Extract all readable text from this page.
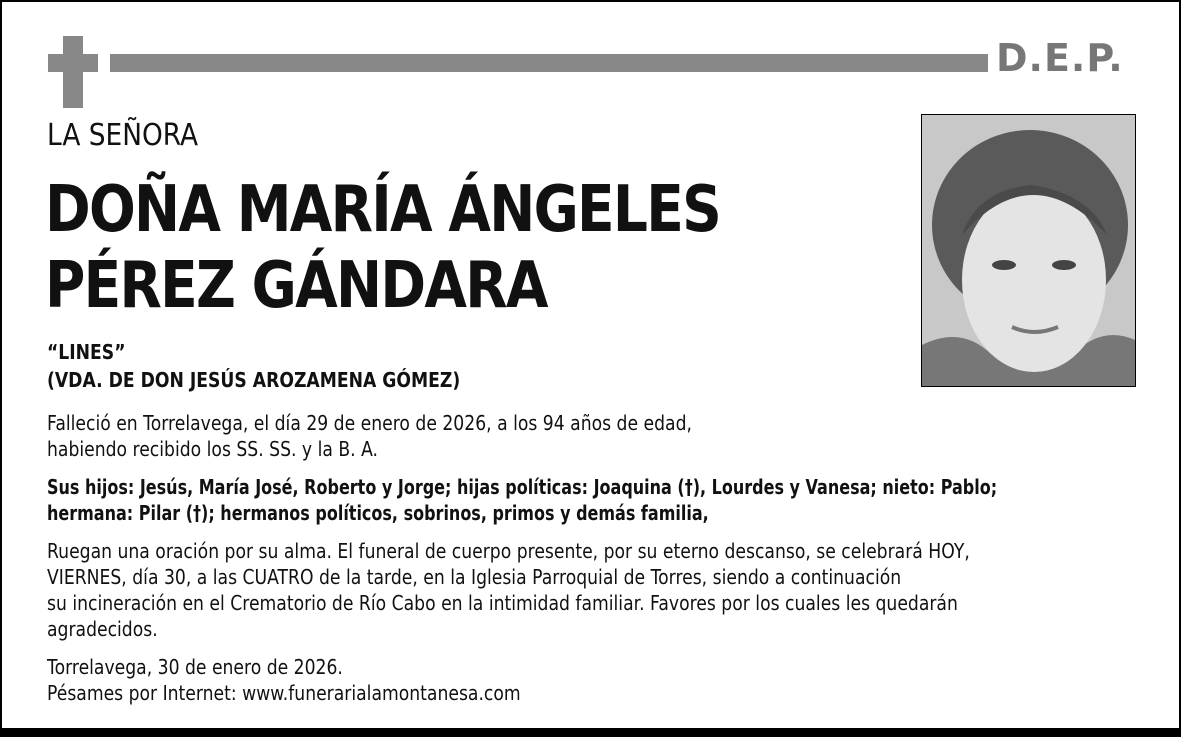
D.E.P.
LA SEÑORA
DOÑA MARÍA ÁNGELES
PÉREZ GÁNDARA
“LINES”
(VDA. DE DON JESÚS AROZAMENA GÓMEZ)
Falleció en Torrelavega, el día 29 de enero de 2026, a los 94 años de edad,
habiendo recibido los SS. SS. y la B. A.
Sus hijos: Jesús, María José, Roberto y Jorge; hijas políticas: Joaquina (†), Lourdes y Vanesa; nieto: Pablo;
hermana: Pilar (†); hermanos políticos, sobrinos, primos y demás familia,
Ruegan una oración por su alma. El funeral de cuerpo presente, por su eterno descanso, se celebrará HOY,
VIERNES, día 30, a las CUATRO de la tarde, en la Iglesia Parroquial de Torres, siendo a continuación
su incineración en el Crematorio de Río Cabo en la intimidad familiar. Favores por los cuales les quedarán
agradecidos.
Torrelavega, 30 de enero de 2026.
Pésames por Internet: www.funerarialamontanesa.com
